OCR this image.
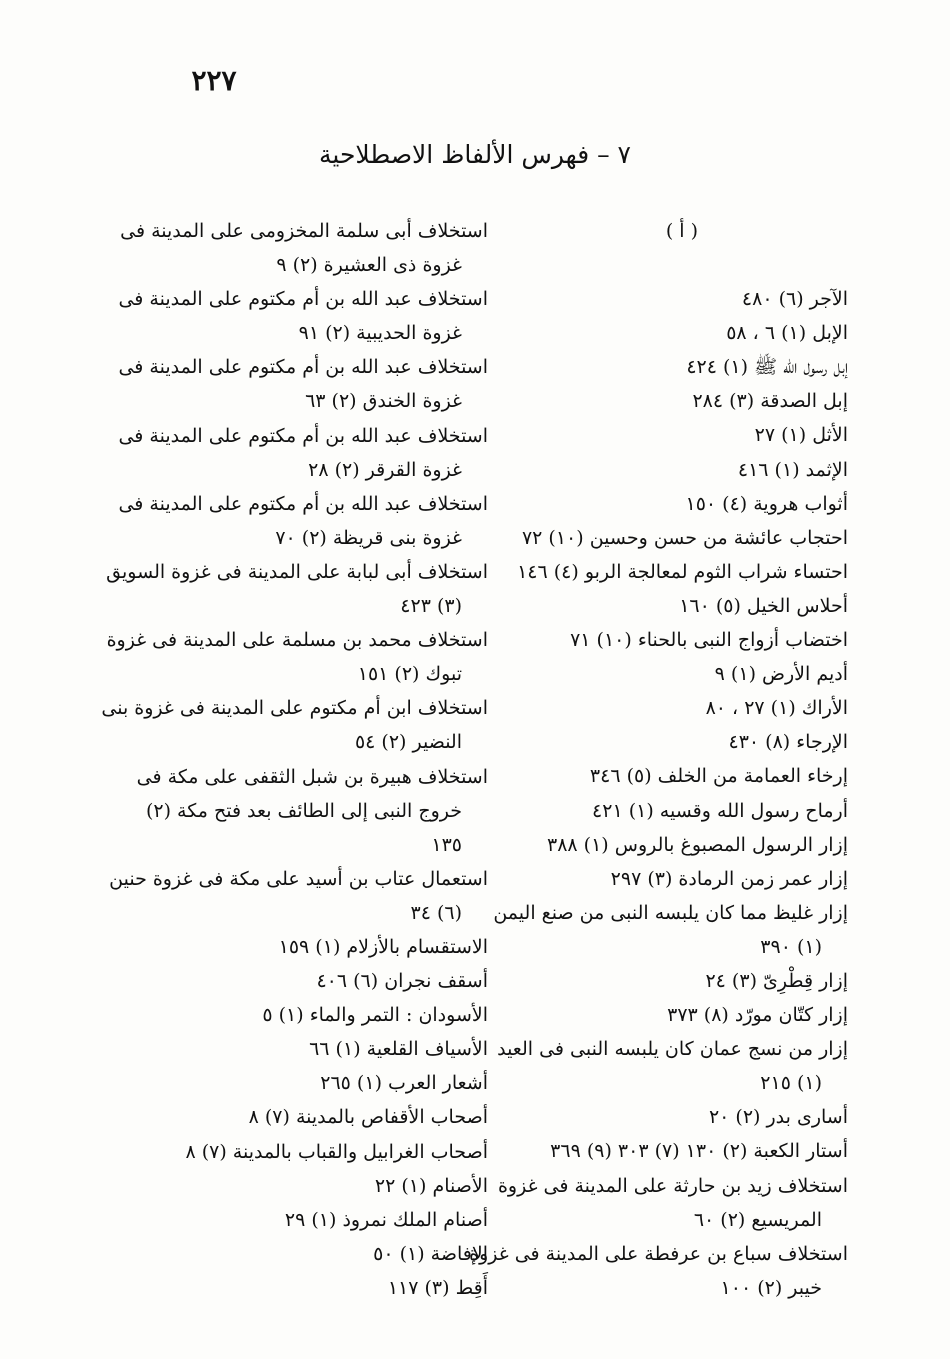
٢٢٧
٧ – فهرس الألفاظ الاصطلاحية
( أ )
الآجر (٦) ٤٨٠
الإبل (١) ٦ ، ٥٨
إبل رسول الله ﷺ (١) ٤٢٤
إبل الصدقة (٣) ٢٨٤
الأثل (١) ٢٧
الإثمد (١) ٤١٦
أثواب هروية (٤) ١٥٠
احتجاب عائشة من حسن وحسين (١٠) ٧٢
احتساء شراب الثوم لمعالجة الربو (٤) ١٤٦
أحلاس الخيل (٥) ١٦٠
اختضاب أزواج النبى بالحناء (١٠) ٧١
أديم الأرض (١) ٩
الأراك (١) ٢٧ ، ٨٠
الإرجاء (٨) ٤٣٠
إرخاء العمامة من الخلف (٥) ٣٤٦
أرماح رسول الله وقسيه (١) ٤٢١
إزار الرسول المصبوغ بالروس (١) ٣٨٨
إزار عمر زمن الرمادة (٣) ٢٩٧
إزار غليظ مما كان يلبسه النبى من صنع اليمن
(١) ٣٩٠
إزار قِطْرِىّ (٣) ٢٤
إزار كتّان مورّد (٨) ٣٧٣
إزار من نسج عمان كان يلبسه النبى فى العيد
(١) ٢١٥
أسارى بدر (٢) ٢٠
أستار الكعبة (٢) ١٣٠ (٧) ٣٠٣ (٩) ٣٦٩
استخلاف زيد بن حارثة على المدينة فى غزوة
المريسيع (٢) ٦٠
استخلاف سباع بن عرفطة على المدينة فى غزوة
خيبر (٢) ١٠٠
استخلاف أبى سلمة المخزومى على المدينة فى
غزوة ذى العشيرة (٢) ٩
استخلاف عبد الله بن أم مكتوم على المدينة فى
غزوة الحديبية (٢) ٩١
استخلاف عبد الله بن أم مكتوم على المدينة فى
غزوة الخندق (٢) ٦٣
استخلاف عبد الله بن أم مكتوم على المدينة فى
غزوة القرقر (٢) ٢٨
استخلاف عبد الله بن أم مكتوم على المدينة فى
غزوة بنى قريظة (٢) ٧٠
استخلاف أبى لبابة على المدينة فى غزوة السويق
(٣) ٤٢٣
استخلاف محمد بن مسلمة على المدينة فى غزوة
تبوك (٢) ١٥١
استخلاف ابن أم مكتوم على المدينة فى غزوة بنى
النضير (٢) ٥٤
استخلاف هبيرة بن شبل الثقفى على مكة فى
خروج النبى إلى الطائف بعد فتح مكة (٢)
١٣٥
استعمال عتاب بن أسيد على مكة فى غزوة حنين
(٦) ٣٤
الاستقسام بالأزلام (١) ١٥٩
أسقف نجران (٦) ٤٠٦
الأسودان : التمر والماء (١) ٥
الأسياف القلعية (١) ٦٦
أشعار العرب (١) ٢٦٥
أصحاب الأقفاص بالمدينة (٧) ٨
أصحاب الغرابيل والقباب بالمدينة (٧) ٨
الأصنام (١) ٢٢
أصنام الملك نمروذ (١) ٢٩
الإفاضة (١) ٥٠
أَقِط (٣) ١١٧
